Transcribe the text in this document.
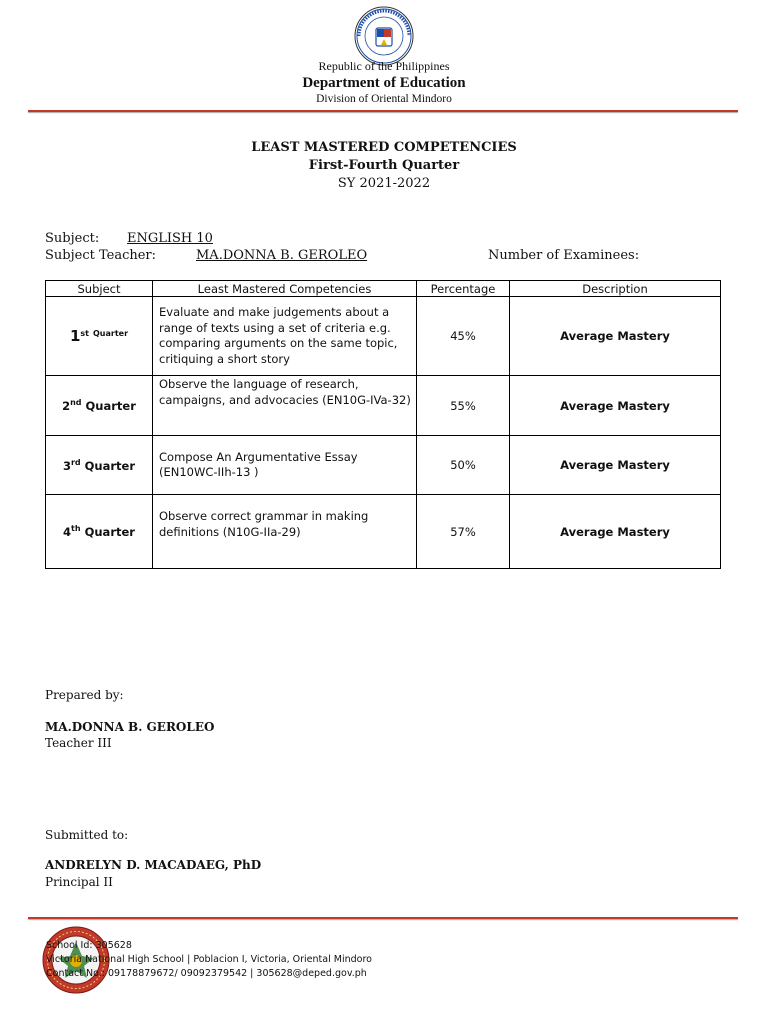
Republic of the Philippines
Department of Education
Division of Oriental Mindoro
LEAST MASTERED COMPETENCIES
First-Fourth Quarter
SY 2021-2022
Subject: ENGLISH 10
Subject Teacher:	MA.DONNA B. GEROLEO	Number of Examinees:
Subject	Least Mastered Competencies	Percentage	Description
1st $^{Quarter}$	Evaluate and make judgements about a range of texts using a set of criteria e.g. comparing arguments on the same topic, critiquing a short story	45%	Average Mastery
2nd Quarter	Observe the language of research, campaigns, and advocacies (EN10G-IVa-32)	55%	Average Mastery
3rd Quarter	Compose An Argumentative Essay (EN10WC-IIh-13 )	50%	Average Mastery
4th Quarter	Observe correct grammar in making definitions (N10G-IIa-29)	57%	Average Mastery
Prepared by:
MA.DONNA B. GEROLEO
Teacher III
Submitted to:
ANDRELYN D. MACADAEG, PhD
Principal II
School Id: 305628
Victoria National High School | Poblacion I, Victoria, Oriental Mindoro
Contact No.: 09178879672/ 09092379542 | 305628@deped.gov.ph
